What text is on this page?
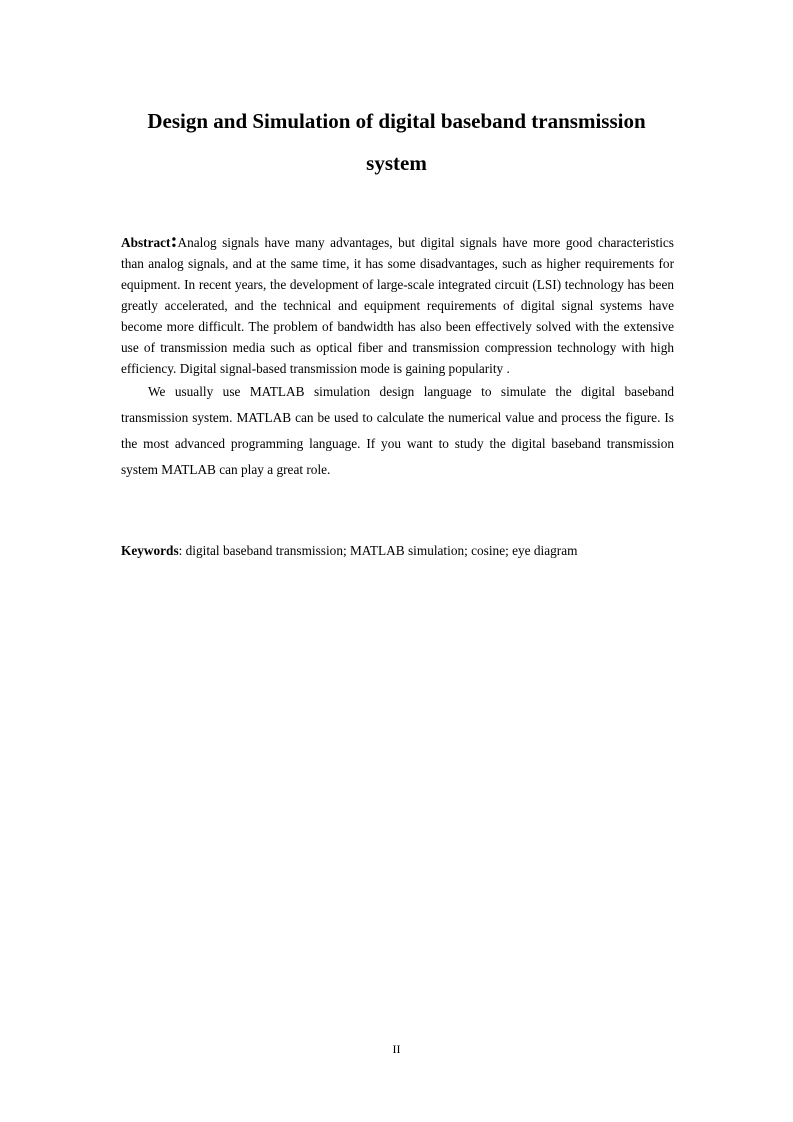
Design and Simulation of digital baseband transmission
system

Abstract:Analog signals have many advantages, but digital signals have more good characteristics than analog signals, and at the same time, it has some disadvantages, such as higher requirements for equipment. In recent years, the development of large-scale integrated circuit (LSI) technology has been greatly accelerated, and the technical and equipment requirements of digital signal systems have become more difficult. The problem of bandwidth has also been effectively solved with the extensive use of transmission media such as optical fiber and transmission compression technology with high efficiency. Digital signal-based transmission mode is gaining popularity .

We usually use MATLAB simulation design language to simulate the digital baseband transmission system. MATLAB can be used to calculate the numerical value and process the figure. Is the most advanced programming language. If you want to study the digital baseband transmission system MATLAB can play a great role.

Keywords: digital baseband transmission; MATLAB simulation; cosine; eye diagram

II
